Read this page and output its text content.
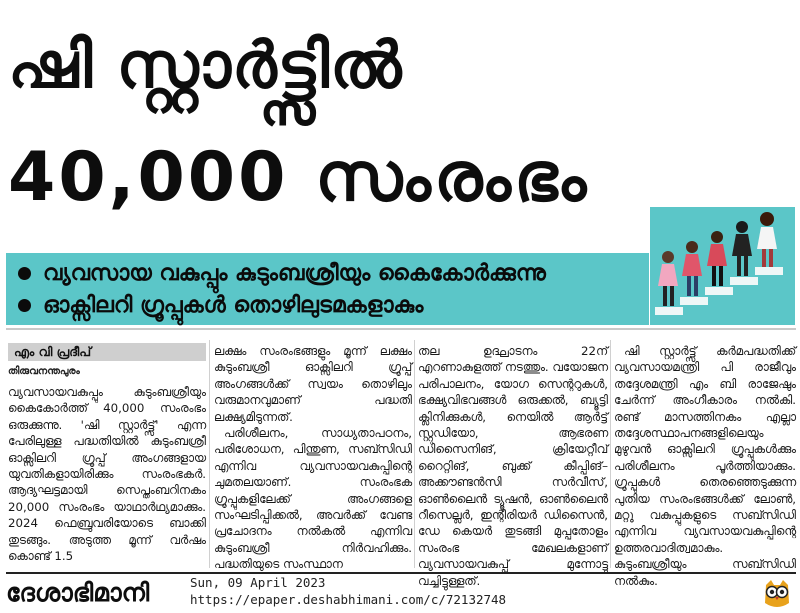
ഷി സ്റ്റാർട്ട്സിൽ
40,000 സംരംഭം
വ്യവസായ വകുപ്പും കുടുംബശ്രീയും കൈകോർക്കുന്നു
ഓക്സിലറി ഗ്രൂപ്പുകൾ തൊഴിലുടമകളാകും
എം വി പ്രദീപ്
തിരുവനന്തപുരം

വ്യവസായവകുപ്പും കുടുംബശ്രീയും കൈകോർത്ത് 40,000 സംരംഭം ഒരുക്കുന്നു. 'ഷി സ്റ്റാർട്ട്സ്' എന്ന പേരിലുള്ള പദ്ധതിയിൽ കുടുംബശ്രീ ഓക്സിലറി ഗ്രൂപ്പ് അംഗങ്ങളായ യുവതികളായിരിക്കും സംരംഭകർ. ആദ്യഘട്ടമായി സെപ്തംബറിനകം 20,000 സംരംഭം യാഥാർഥ്യമാക്കും. 2024 ഫെബ്രുവരിയോടെ ബാക്കി തുടങ്ങും. അടുത്ത മൂന്ന് വർഷം കൊണ്ട് 1.5

ലക്ഷം സംരംഭങ്ങളും മൂന്ന് ലക്ഷം കുടുംബശ്രീ ഓക്സിലറി ഗ്രൂപ്പ് അംഗങ്ങൾക്ക് സ്വയം തൊഴിലും വരുമാനവുമാണ് പദ്ധതി ലക്ഷ്യമിടുന്നത്.

പരിശീലനം, സാധ്യതാപഠനം, പരിശോധന, പിന്തുണ, സബ്സിഡി എന്നിവ വ്യവസായവകുപ്പിന്റെ ചുമതലയാണ്. സംരംഭക ഗ്രൂപ്പുകളിലേക്ക് അംഗങ്ങളെ സംഘടിപ്പിക്കൽ, അവർക്ക് വേണ്ട പ്രചോദനം നൽകൽ എന്നിവ കുടുംബശ്രീ നിർവഹിക്കും. പദ്ധതിയുടെ സംസ്ഥാന

തല ഉദ്ഘാടനം 22ന് എറണാകുളത്ത് നടത്തും. വയോജന പരിപാലനം, യോഗ സെന്ററുകൾ, ഭക്ഷ്യവിഭവങ്ങൾ ഒരുക്കൽ, ബ്യൂട്ടി ക്ലിനിക്കുകൾ, നെയിൽ ആർട്ട് സ്റ്റുഡിയോ, ആഭരണ ഡിസൈനിങ്, ക്രിയേറ്റീവ് റൈറ്റിങ്, ബുക്ക് കീപ്പിങ്– അക്കൗണ്ടൻസി സർവീസ്, ഓൺലൈൻ ട്യൂഷൻ, ഓൺലൈൻ റീസെല്ലർ, ഇന്റീരിയർ ഡിസൈൻ, ഡേ കെയർ തുടങ്ങി മുപ്പതോളം സംരംഭ മേഖലകളാണ് വ്യവസായവകുപ്പ് മുന്നോട്ടു വച്ചിട്ടുള്ളത്.

ഷി സ്റ്റാർട്ട്സ് കർമപദ്ധതിക്ക് വ്യവസായമന്ത്രി പി രാജീവും തദ്ദേശമന്ത്രി എം ബി രാജേഷും ചേർന്ന് അംഗീകാരം നൽകി. രണ്ട് മാസത്തിനകം എല്ലാ തദ്ദേശസ്ഥാപനങ്ങളിലെയും മുഴുവൻ ഓക്സിലറി ഗ്രൂപ്പുകൾക്കും പരിശീലനം പൂർത്തിയാക്കും. ഗ്രൂപ്പുകൾ തെരഞ്ഞെടുക്കുന്ന പുതിയ സംരംഭങ്ങൾക്ക് ലോൺ, മറ്റു വകുപ്പുകളുടെ സബ്സിഡി എന്നിവ വ്യവസായവകുപ്പിന്റെ ഉത്തരവാദിത്വമാകും. കുടുംബശ്രീയും സബ്സിഡി നൽകും.

ദേശാഭിമാനി	Sun, 09 April 2023
https://epaper.deshabhimani.com/c/72132748
